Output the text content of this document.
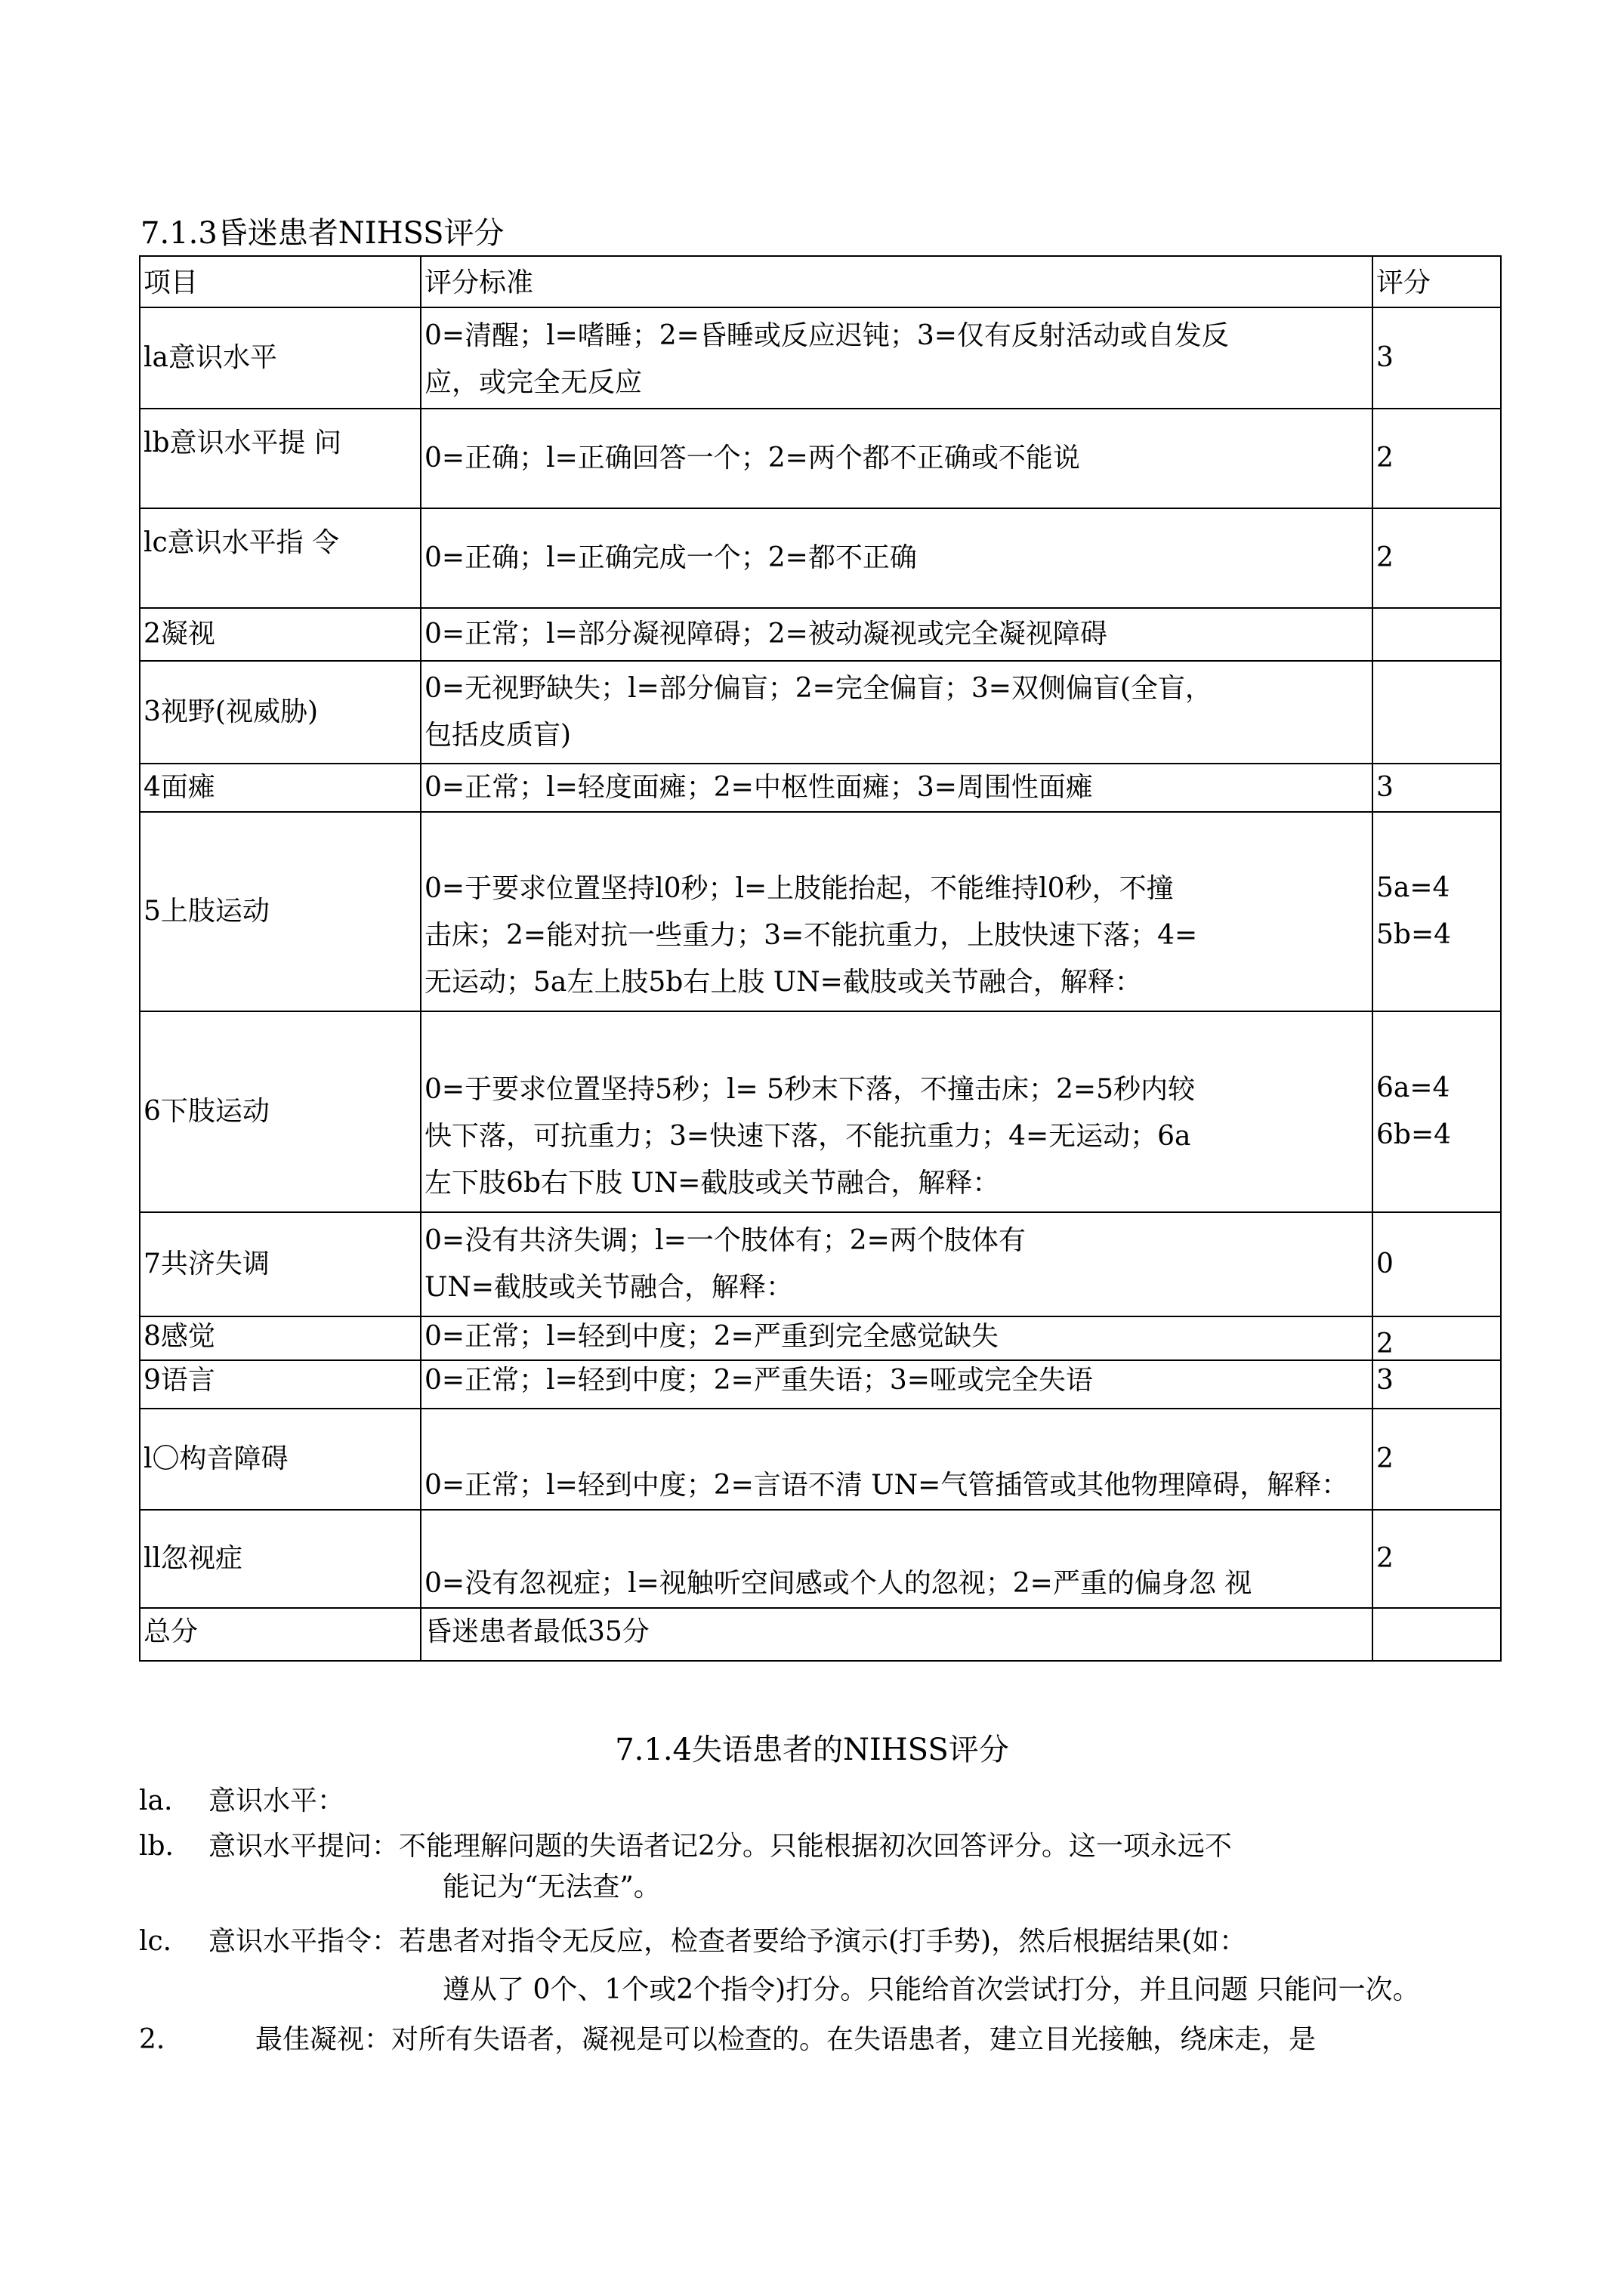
7.1.3昏迷患者NIHSS评分
项目	评分标准	评分
la意识水平	0=清醒；l=嗜睡；2=昏睡或反应迟钝；3=仅有反射活动或自发反
应，或完全无反应	3

lb意识水平提 问	0=正确；l=正确回答一个；2=两个都不正确或不能说	2

lc意识水平指 令	0=正确；l=正确完成一个；2=都不正确	2

2凝视	0=正常；l=部分凝视障碍；2=被动凝视或完全凝视障碍	

3视野(视威胁)	0=无视野缺失；l=部分偏盲；2=完全偏盲；3=双侧偏盲(全盲，
包括皮质盲)	

4面瘫	0=正常；l=轻度面瘫；2=中枢性面瘫；3=周围性面瘫	3

5上肢运动	0=于要求位置坚持l0秒；l=上肢能抬起，不能维持l0秒，不撞
击床；2=能对抗一些重力；3=不能抗重力，上肢快速下落；4=
无运动；5a左上肢5b右上肢 UN=截肢或关节融合，解释：	5a=4
5b=4

6下肢运动	0=于要求位置坚持5秒；l= 5秒末下落，不撞击床；2=5秒内较
快下落，可抗重力；3=快速下落，不能抗重力；4=无运动；6a
左下肢6b右下肢 UN=截肢或关节融合，解释：	6a=4
6b=4

7共济失调	0=没有共济失调；l=一个肢体有；2=两个肢体有
UN=截肢或关节融合，解释：	0

8感觉	0=正常；l=轻到中度；2=严重到完全感觉缺失	2

9语言	0=正常；l=轻到中度；2=严重失语；3=哑或完全失语	3

l〇构音障碍	0=正常；l=轻到中度；2=言语不清 UN=气管插管或其他物理障碍，解释：	2

ll忽视症	0=没有忽视症；l=视触听空间感或个人的忽视；2=严重的偏身忽 视	2

总分	昏迷患者最低35分	

7.1.4失语患者的NIHSS评分
la. 意识水平：
lb. 意识水平提问：不能理解问题的失语者记2分。只能根据初次回答评分。这一项永远不
能记为“无法查”。
lc. 意识水平指令：若患者对指令无反应，检查者要给予演示(打手势)，然后根据结果(如：
遵从了 0个、1个或2个指令)打分。只能给首次尝试打分，并且问题 只能问一次。
2.	最佳凝视：对所有失语者，凝视是可以检查的。在失语患者，建立目光接触，绕床走，是
